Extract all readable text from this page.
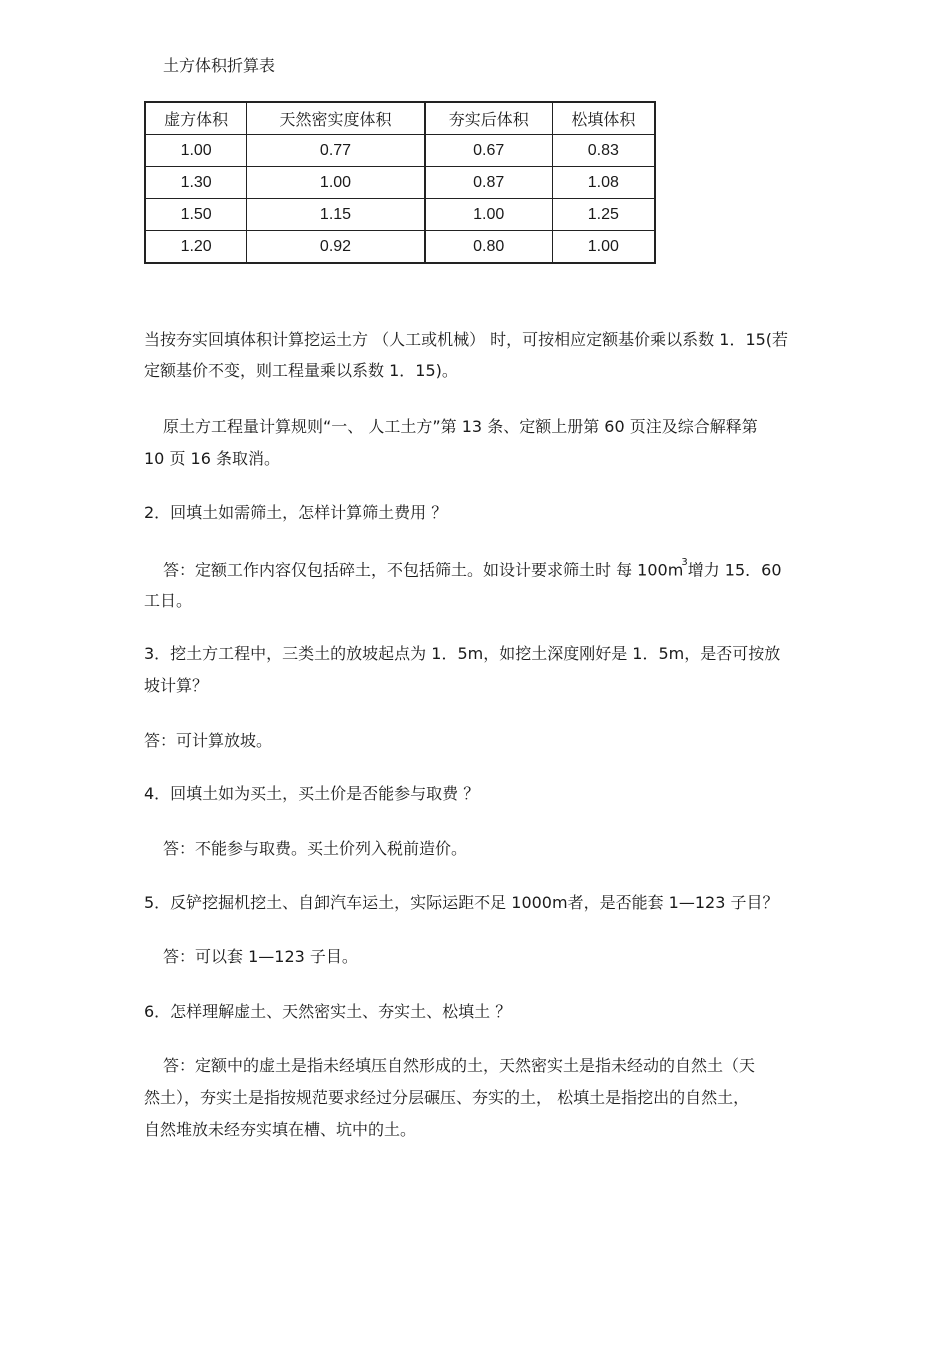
土方体积折算表
虚方体积	天然密实度体积	夯实后体积	松填体积
1.00	0.77	0.67	0.83
1.30	1.00	0.87	1.08
1.50	1.15	1.00	1.25
1.20	0.92	0.80	1.00
当按夯实回填体积计算挖运土方 （人工或机械） 时，可按相应定额基价乘以系数 1．15(若
定额基价不变，则工程量乘以系数 1．15)。
原土方工程量计算规则“一、 人工土方”第 13 条、定额上册第 60 页注及综合解释第
10 页 16 条取消。
2．回填土如需筛土，怎样计算筛土费用 ？
答：定额工作内容仅包括碎土，不包括筛土。如设计要求筛土时 每 $100m^3$增力 15．60
工日。
3．挖土方工程中，三类土的放坡起点为 1．5m，如挖土深度刚好是 1．5m，是否可按放
坡计算？
答：可计算放坡。
4．回填土如为买土，买土价是否能参与取费 ？
答：不能参与取费。买土价列入税前造价。
5．反铲挖掘机挖土、自卸汽车运土，实际运距不足 1000m者，是否能套 1—123 子目？
答：可以套 1—123 子目。
6．怎样理解虚土、天然密实土、夯实土、松填土 ？
答：定额中的虚土是指未经填压自然形成的土，天然密实土是指未经动的自然土（天
然土），夯实土是指按规范要求经过分层碾压、夯实的土， 松填土是指挖出的自然土，
自然堆放未经夯实填在槽、坑中的土。
